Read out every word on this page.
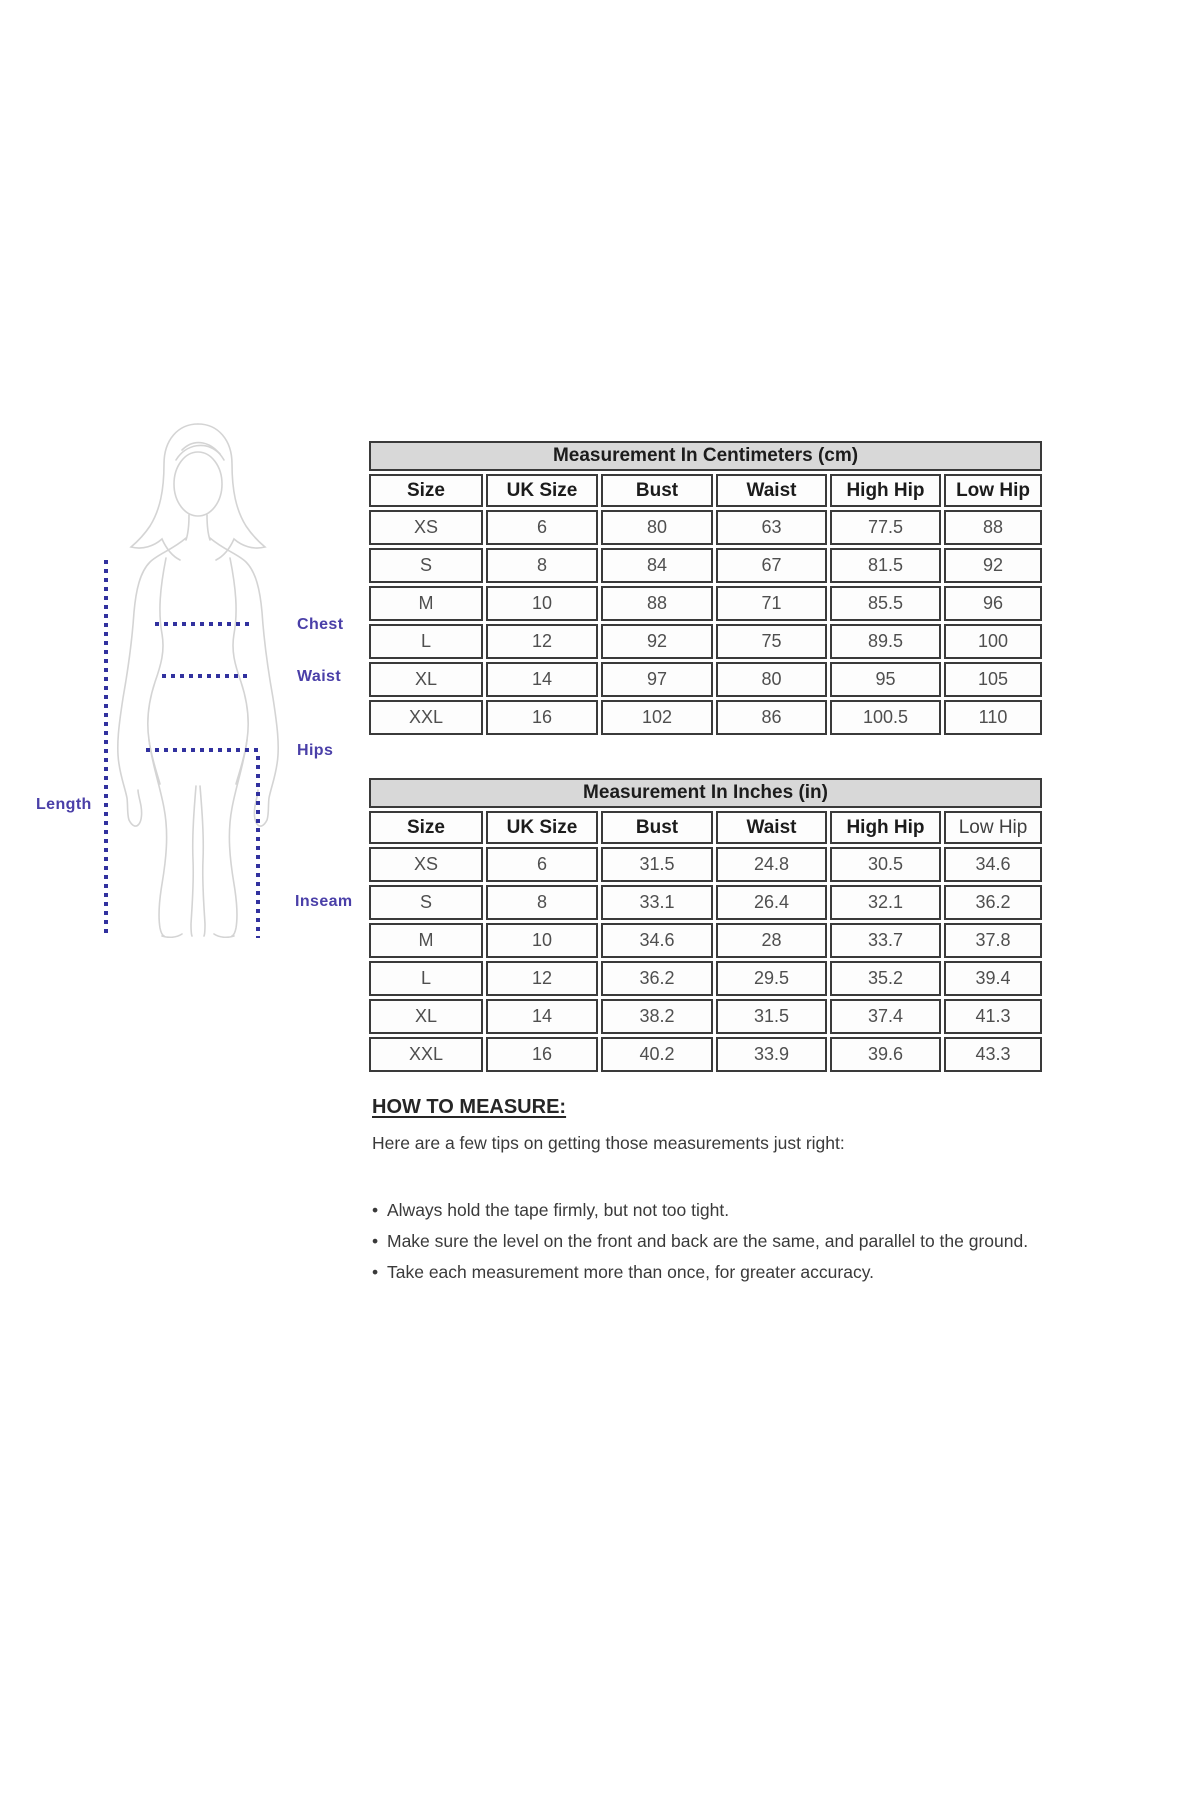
Chest
Waist
Hips
Length
Inseam
Measurement In Centimeters (cm)					
Size	UK Size	Bust	Waist	High Hip	Low Hip
XS	6	80	63	77.5	88
S	8	84	67	81.5	92
M	10	88	71	85.5	96
L	12	92	75	89.5	100
XL	14	97	80	95	105
XXL	16	102	86	100.5	110
Measurement In Inches (in)					
Size	UK Size	Bust	Waist	High Hip	Low Hip
XS	6	31.5	24.8	30.5	34.6
S	8	33.1	26.4	32.1	36.2
M	10	34.6	28	33.7	37.8
L	12	36.2	29.5	35.2	39.4
XL	14	38.2	31.5	37.4	41.3
XXL	16	40.2	33.9	39.6	43.3
HOW TO MEASURE:
Here are a few tips on getting those measurements just right:
• Always hold the tape firmly, but not too tight.
• Make sure the level on the front and back are the same, and parallel to the ground.
• Take each measurement more than once, for greater accuracy.
